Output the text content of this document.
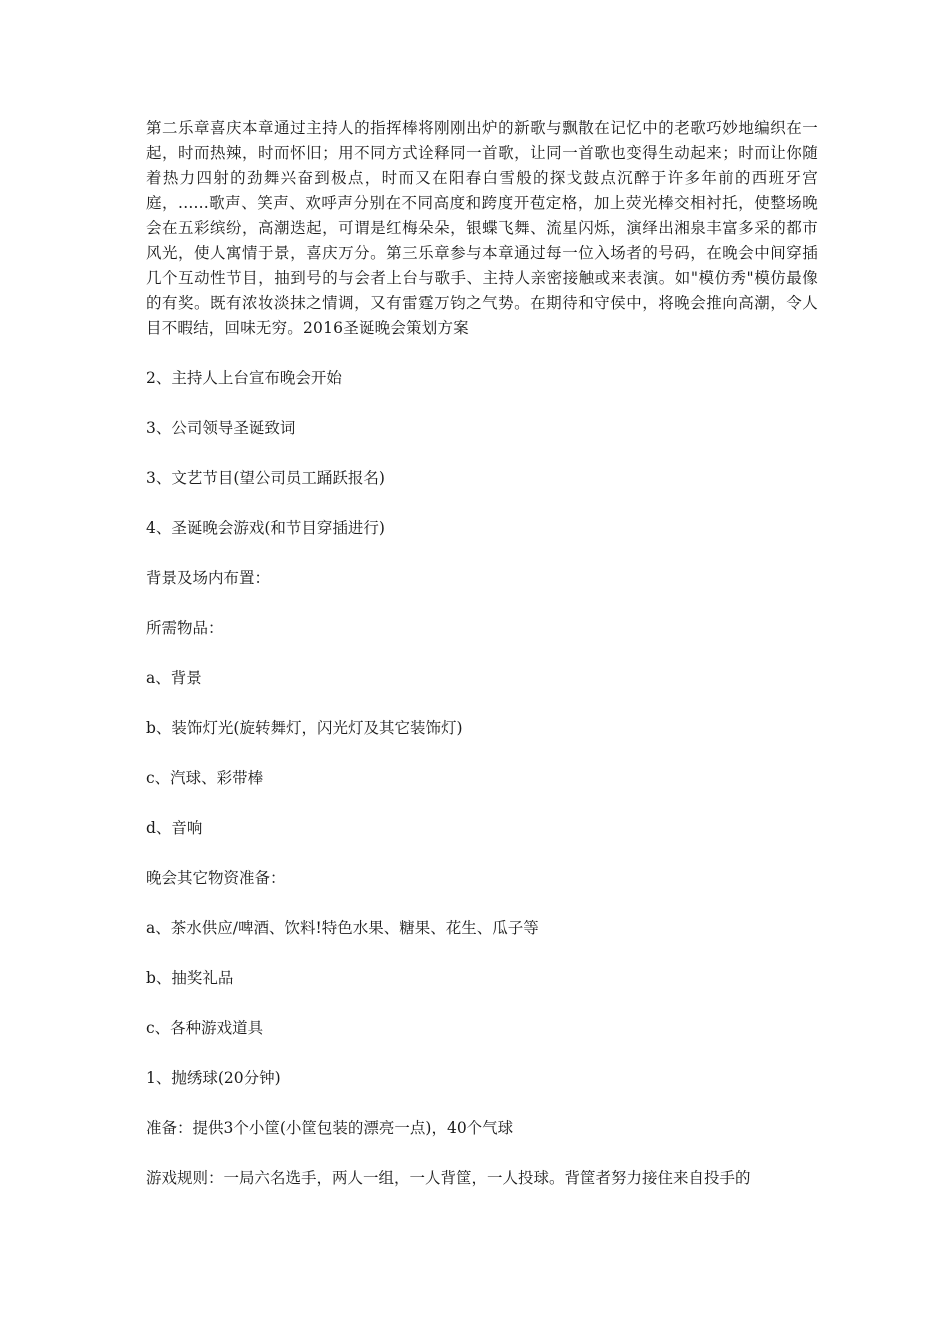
第二乐章喜庆本章通过主持人的指挥棒将刚刚出炉的新歌与飘散在记忆中的老歌巧妙地编织在一起，时而热辣，时而怀旧；用不同方式诠释同一首歌，让同一首歌也变得生动起来；时而让你随着热力四射的劲舞兴奋到极点，时而又在阳春白雪般的探戈鼓点沉醉于许多年前的西班牙宫庭，......歌声、笑声、欢呼声分别在不同高度和跨度开苞定格，加上荧光棒交相衬托，使整场晚会在五彩缤纷，高潮迭起，可谓是红梅朵朵，银蝶飞舞、流星闪烁，演绎出湘泉丰富多采的都市风光，使人寓情于景，喜庆万分。第三乐章参与本章通过每一位入场者的号码，在晚会中间穿插几个互动性节目，抽到号的与会者上台与歌手、主持人亲密接触或来表演。如"模仿秀"模仿最像的有奖。既有浓妆淡抹之情调，又有雷霆万钧之气势。在期待和守侯中，将晚会推向高潮，令人目不暇结，回味无穷。2016圣诞晚会策划方案

2、主持人上台宣布晚会开始

3、公司领导圣诞致词

3、文艺节目(望公司员工踊跃报名)

4、圣诞晚会游戏(和节目穿插进行)

背景及场内布置：

所需物品：

a、背景

b、装饰灯光(旋转舞灯，闪光灯及其它装饰灯)

c、汽球、彩带棒

d、音响

晚会其它物资准备：

a、茶水供应/啤酒、饮料!特色水果、糖果、花生、瓜子等

b、抽奖礼品

c、各种游戏道具

1、抛绣球(20分钟)

准备：提供3个小筐(小筐包装的漂亮一点)，40个气球

游戏规则：一局六名选手，两人一组，一人背筐，一人投球。背筐者努力接住来自投手的
